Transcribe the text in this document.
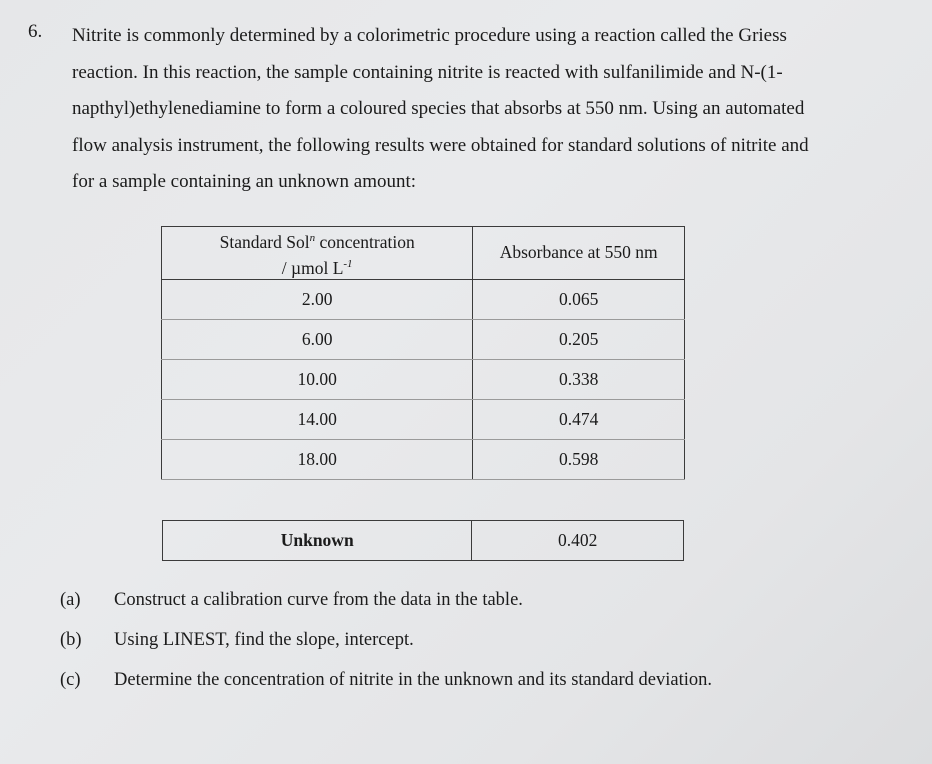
6. Nitrite is commonly determined by a colorimetric procedure using a reaction called the Griess
reaction. In this reaction, the sample containing nitrite is reacted with sulfanilimide and N-(1-
napthyl)ethylenediamine to form a coloured species that absorbs at 550 nm. Using an automated
flow analysis instrument, the following results were obtained for standard solutions of nitrite and
for a sample containing an unknown amount:
Standard Sol$^n$ concentration
/ µmol $L^{-1}$	Absorbance at 550 nm
2.00	0.065
6.00	0.205
10.00	0.338
14.00	0.474
18.00	0.598
Unknown	0.402
(a)	Construct a calibration curve from the data in the table.
(b)	Using LINEST, find the slope, intercept.
(c)	Determine the concentration of nitrite in the unknown and its standard deviation.
